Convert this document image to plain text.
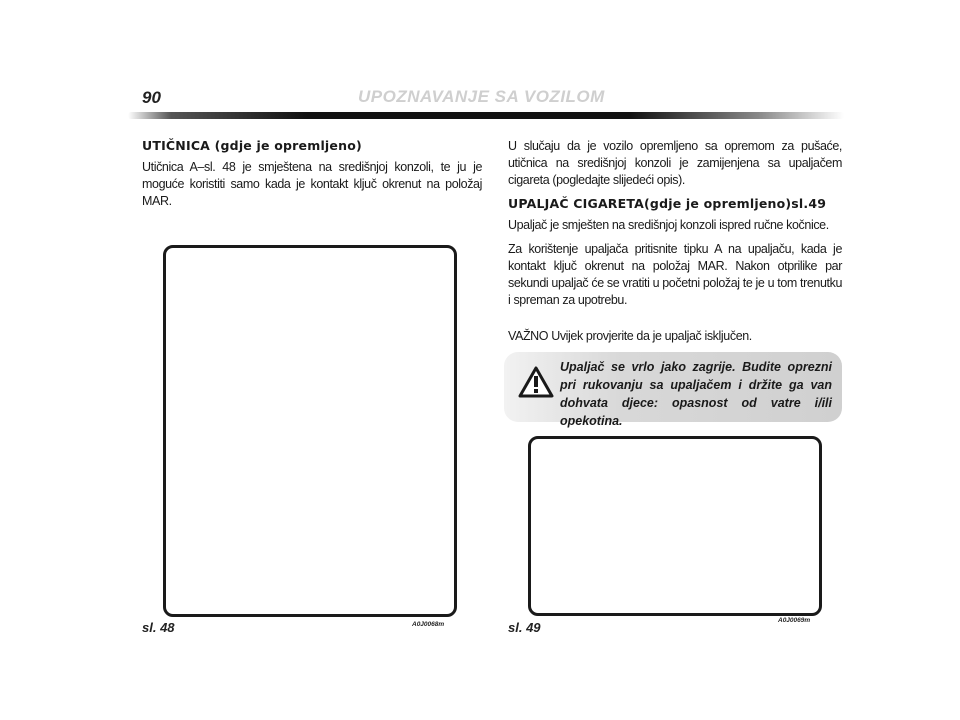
90	UPOZNAVANJE SA VOZILOM
UTIČNICA (gdje je opremljeno)

Utičnica A–sl. 48 je smještena na središnjoj konzoli, te ju je moguće koristiti samo kada je kontakt ključ okrenut na položaj MAR.

sl. 48	A0J0068m

U slučaju da je vozilo opremljeno sa opremom za pušaće, utičnica na središnjoj konzoli je zamijenjena sa upaljačem cigareta (pogledajte slijedeći opis).

UPALJAČ CIGARETA(gdje je opremljeno)sl.49

Upaljač je smješten na središnjoj konzoli ispred ručne kočnice.

Za korištenje upaljača pritisnite tipku A na upaljaču, kada je kontakt ključ okrenut na položaj MAR. Nakon otprilike par sekundi upaljač će se vratiti u početni položaj te je u tom trenutku i spreman za upotrebu.

VAŽNO Uvijek provjerite da je upaljač isključen.

Upaljač se vrlo jako zagrije. Budite oprezni pri rukovanju sa upaljačem i držite ga van dohvata djece: opasnost od vatre i/ili opekotina.
sl. 49	A0J0069m
